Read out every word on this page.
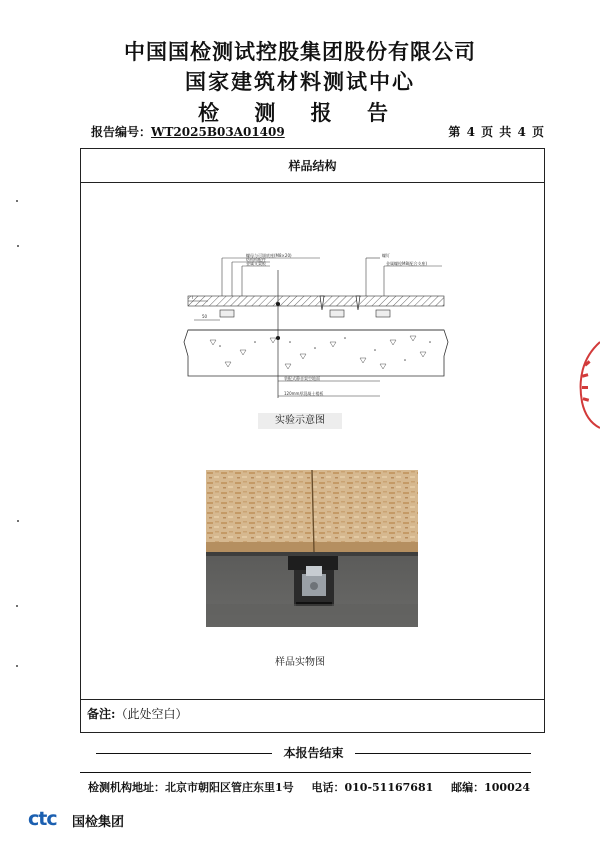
中国国检测试控股集团股份有限公司
国家建筑材料测试中心
检 测 报 告
报告编号：WT2025B03A01409	第 4 页 共 4 页
样品结构
备注:（此处空白）
螺母与可调底座(M8×20)
结构构配件
金属支架板
螺钉
金属螺栓M8(配合支座)
Ⅰ
50
装配式静音架空地面
120mm厚混凝土楼板
实验示意图
样品实物图
本报告结束
检测机构地址：北京市朝阳区管庄东里1号 电话：010-51167681 邮编：100024
ctc 国检集团
